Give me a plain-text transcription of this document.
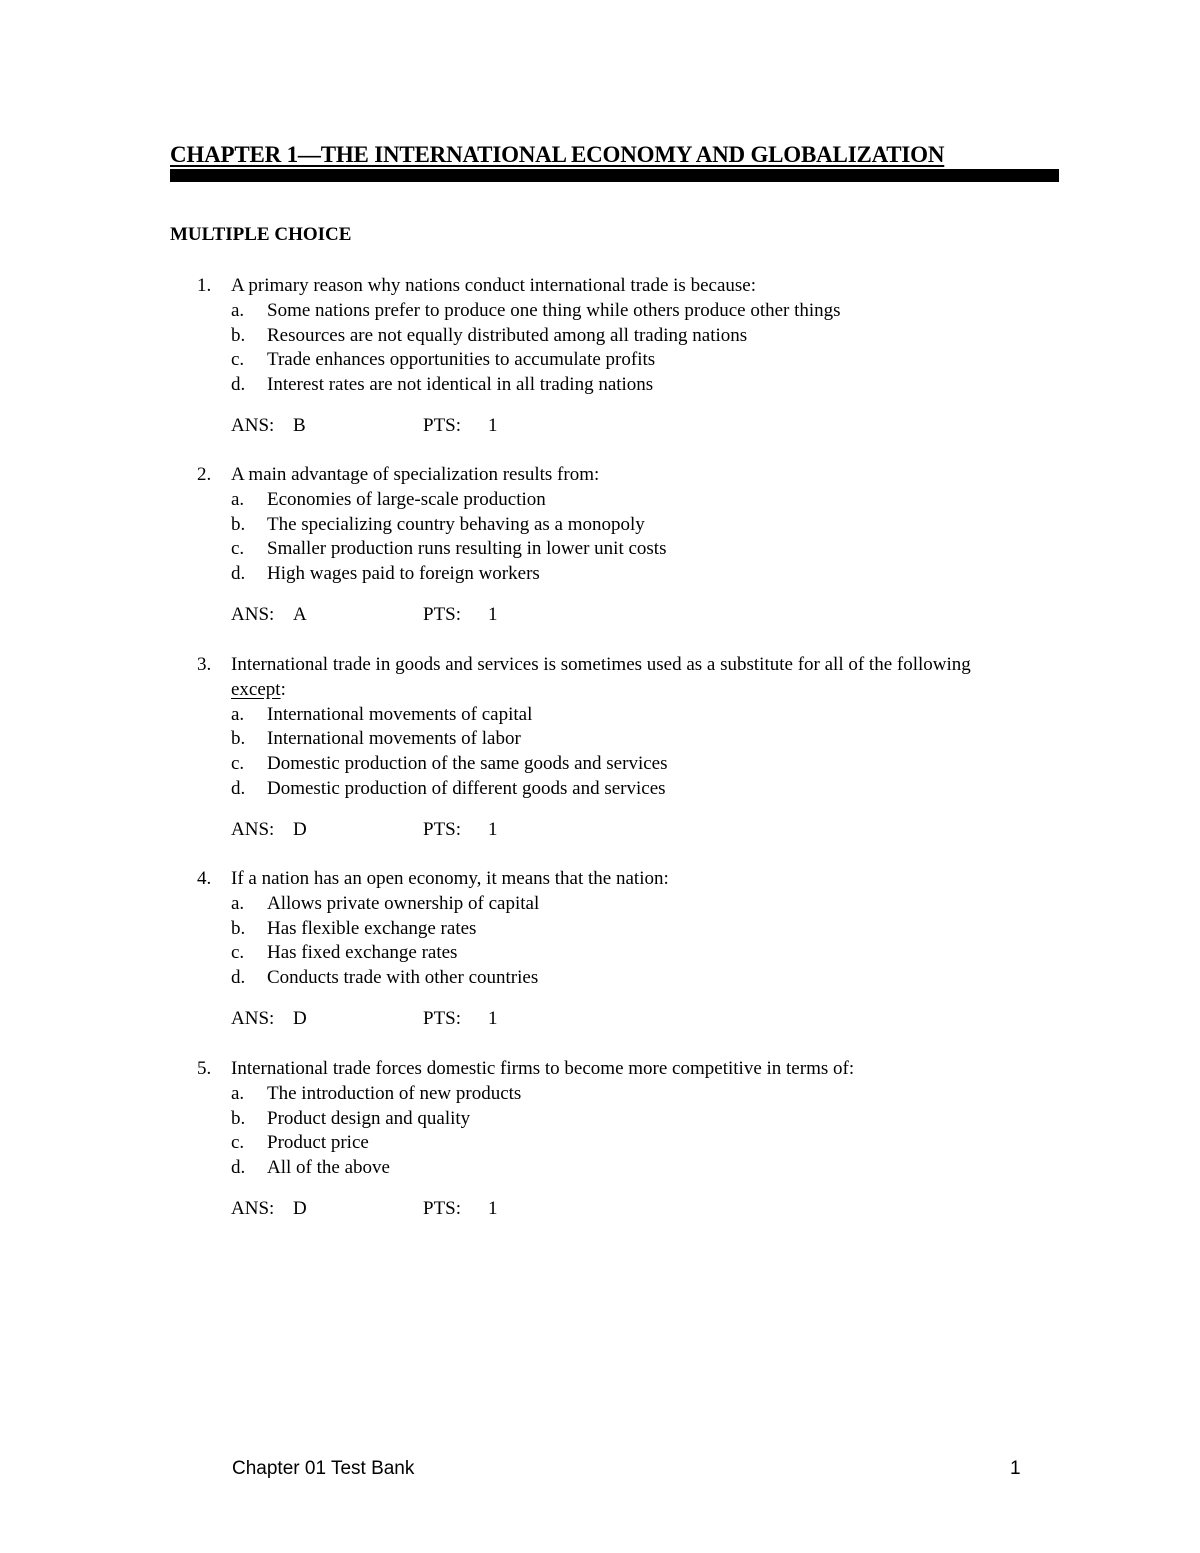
CHAPTER 1—THE INTERNATIONAL ECONOMY AND GLOBALIZATION
MULTIPLE CHOICE
1.	A primary reason why nations conduct international trade is because:
a.	Some nations prefer to produce one thing while others produce other things
b.	Resources are not equally distributed among all trading nations
c.	Trade enhances opportunities to accumulate profits
d.	Interest rates are not identical in all trading nations
ANS: B	PTS:	1
2.	A main advantage of specialization results from:
a.	Economies of large-scale production
b.	The specializing country behaving as a monopoly
c.	Smaller production runs resulting in lower unit costs
d.	High wages paid to foreign workers
ANS: A	PTS:	1
3.	International trade in goods and services is sometimes used as a substitute for all of the following except:
a.	International movements of capital
b.	International movements of labor
c.	Domestic production of the same goods and services
d.	Domestic production of different goods and services
ANS: D	PTS:	1
4.	If a nation has an open economy, it means that the nation:
a.	Allows private ownership of capital
b.	Has flexible exchange rates
c.	Has fixed exchange rates
d.	Conducts trade with other countries
ANS: D	PTS:	1
5.	International trade forces domestic firms to become more competitive in terms of:
a.	The introduction of new products
b.	Product design and quality
c.	Product price
d.	All of the above
ANS: D	PTS:	1
Chapter 01 Test Bank	1
